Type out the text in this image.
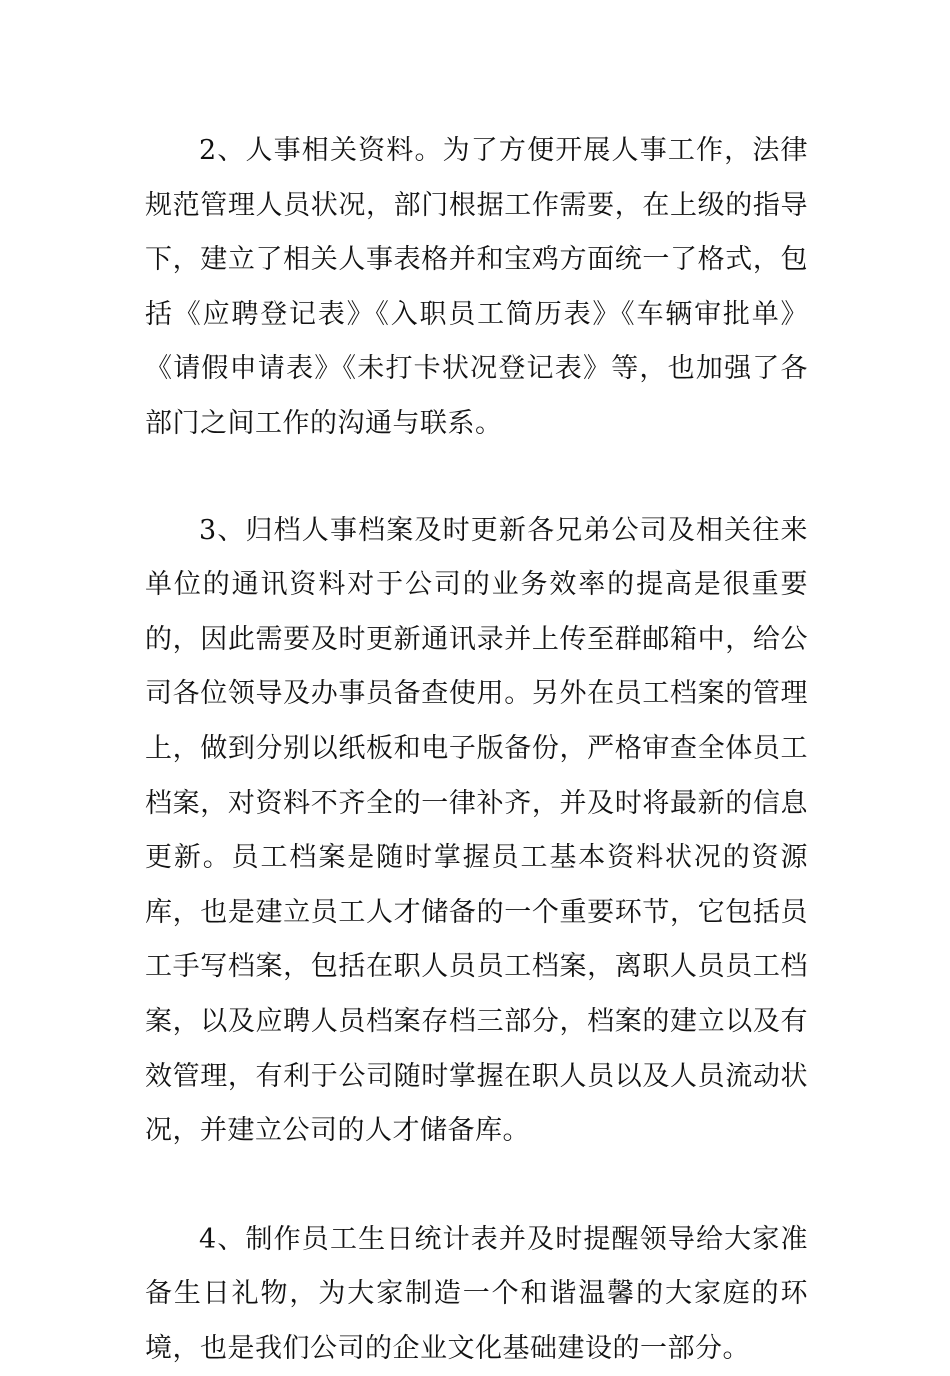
2、人事相关资料。为了方便开展人事工作，法律规范管理人员状况，部门根据工作需要，在上级的指导下，建立了相关人事表格并和宝鸡方面统一了格式，包括《应聘登记表》《入职员工简历表》《车辆审批单》《请假申请表》《未打卡状况登记表》等，也加强了各部门之间工作的沟通与联系。

3、归档人事档案及时更新各兄弟公司及相关往来单位的通讯资料对于公司的业务效率的提高是很重要的，因此需要及时更新通讯录并上传至群邮箱中，给公司各位领导及办事员备查使用。另外在员工档案的管理上，做到分别以纸板和电子版备份，严格审查全体员工档案，对资料不齐全的一律补齐，并及时将最新的信息更新。员工档案是随时掌握员工基本资料状况的资源库，也是建立员工人才储备的一个重要环节，它包括员工手写档案，包括在职人员员工档案，离职人员员工档案，以及应聘人员档案存档三部分，档案的建立以及有效管理，有利于公司随时掌握在职人员以及人员流动状况，并建立公司的人才储备库。

4、制作员工生日统计表并及时提醒领导给大家准备生日礼物，为大家制造一个和谐温馨的大家庭的环境，也是我们公司的企业文化基础建设的一部分。
